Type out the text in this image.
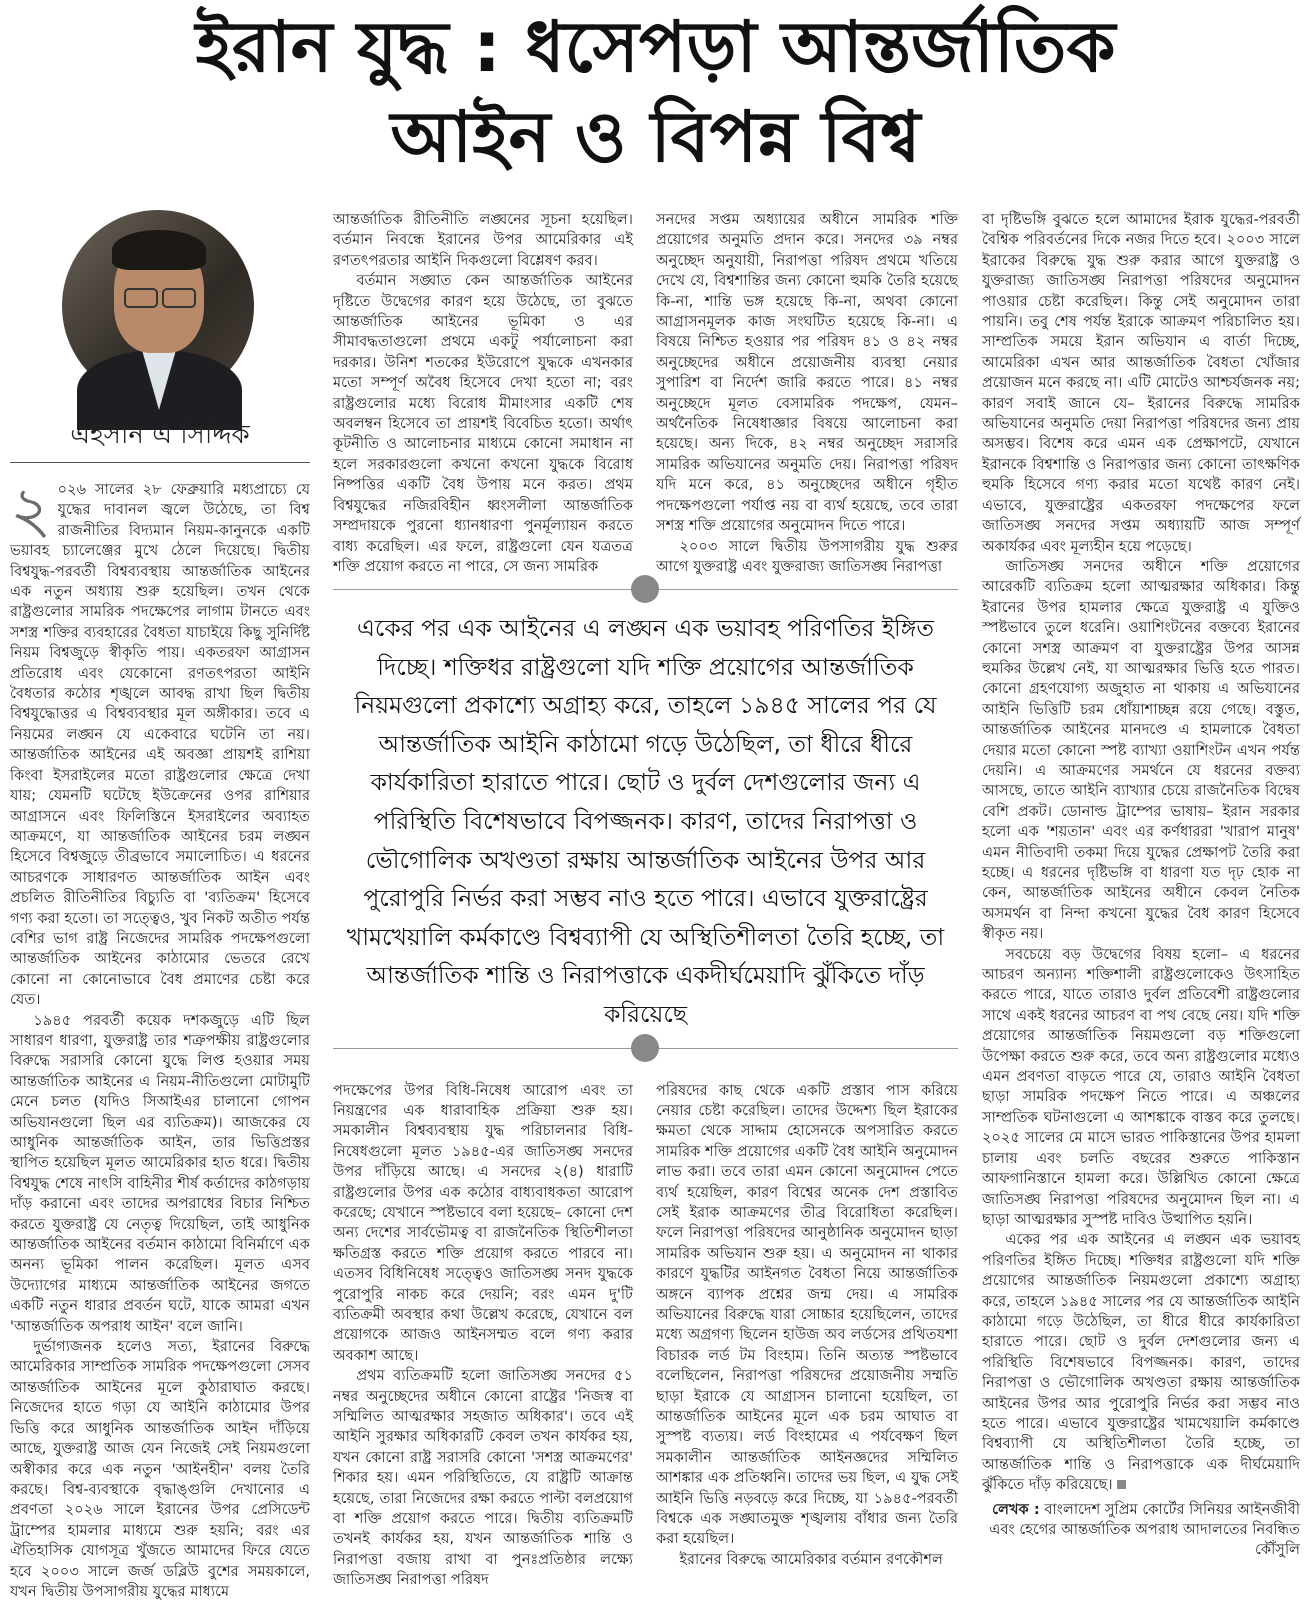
ইরান যুদ্ধ : ধসেপড়া আন্তর্জাতিক
আইন ও বিপন্ন বিশ্ব
এহসান এ সিদ্দিক
২ ০২৬ সালের ২৮ ফেব্রুয়ারি মধ্যপ্রাচ্যে যে যুদ্ধের দাবানল জ্বলে উঠেছে, তা বিশ্ব রাজনীতির বিদ্যমান নিয়ম-কানুনকে একটি ভয়াবহ চ্যালেঞ্জের মুখে ঠেলে দিয়েছে। দ্বিতীয় বিশ্বযুদ্ধ-পরবর্তী বিশ্বব্যবস্থায় আন্তর্জাতিক আইনের এক নতুন অধ্যায় শুরু হয়েছিল। তখন থেকে রাষ্ট্রগুলোর সামরিক পদক্ষেপের লাগাম টানতে এবং সশস্ত্র শক্তির ব্যবহারের বৈধতা যাচাইয়ে কিছু সুনির্দিষ্ট নিয়ম বিশ্বজুড়ে স্বীকৃতি পায়। একতরফা আগ্রাসন প্রতিরোধ এবং যেকোনো রণতৎপরতা আইনি বৈধতার কঠোর শৃঙ্খলে আবদ্ধ রাখা ছিল দ্বিতীয় বিশ্বযুদ্ধোত্তর এ বিশ্বব্যবস্থার মূল অঙ্গীকার। তবে এ নিয়মের লঙ্ঘন যে একেবারে ঘটেনি তা নয়। আন্তর্জাতিক আইনের এই অবজ্ঞা প্রায়শই রাশিয়া কিংবা ইসরাইলের মতো রাষ্ট্রগুলোর ক্ষেত্রে দেখা যায়; যেমনটি ঘটেছে ইউক্রেনের ওপর রাশিয়ার আগ্রাসনে এবং ফিলিস্তিনে ইসরাইলের অব্যাহত আক্রমণে, যা আন্তর্জাতিক আইনের চরম লঙ্ঘন হিসেবে বিশ্বজুড়ে তীব্রভাবে সমালোচিত। এ ধরনের আচরণকে সাধারণত আন্তর্জাতিক আইন এবং প্রচলিত রীতিনীতির বিচ্যুতি বা 'ব্যতিক্রম' হিসেবে গণ্য করা হতো। তা সত্ত্বেও, খুব নিকট অতীত পর্যন্ত বেশির ভাগ রাষ্ট্র নিজেদের সামরিক পদক্ষেপগুলো আন্তর্জাতিক আইনের কাঠামোর ভেতরে রেখে কোনো না কোনোভাবে বৈধ প্রমাণের চেষ্টা করে যেত।

১৯৪৫ পরবর্তী কয়েক দশকজুড়ে এটি ছিল সাধারণ ধারণা, যুক্তরাষ্ট্র তার শত্রুপক্ষীয় রাষ্ট্রগুলোর বিরুদ্ধে সরাসরি কোনো যুদ্ধে লিপ্ত হওয়ার সময় আন্তর্জাতিক আইনের এ নিয়ম-নীতিগুলো মোটামুটি মেনে চলত (যদিও সিআইএর চালানো গোপন অভিযানগুলো ছিল এর ব্যতিক্রম)। আজকের যে আধুনিক আন্তর্জাতিক আইন, তার ভিত্তিপ্রস্তর স্থাপিত হয়েছিল মূলত আমেরিকার হাত ধরে। দ্বিতীয় বিশ্বযুদ্ধ শেষে নাৎসি বাহিনীর শীর্ষ কর্তাদের কাঠগড়ায় দাঁড় করানো এবং তাদের অপরাধের বিচার নিশ্চিত করতে যুক্তরাষ্ট্র যে নেতৃত্ব দিয়েছিল, তাই আধুনিক আন্তর্জাতিক আইনের বর্তমান কাঠামো বিনির্মাণে এক অনন্য ভূমিকা পালন করেছিল। মূলত এসব উদ্যোগের মাধ্যমে আন্তর্জাতিক আইনের জগতে একটি নতুন ধারার প্রবর্তন ঘটে, যাকে আমরা এখন 'আন্তর্জাতিক অপরাধ আইন' বলে জানি।

দুর্ভাগ্যজনক হলেও সত্য, ইরানের বিরুদ্ধে আমেরিকার সাম্প্রতিক সামরিক পদক্ষেপগুলো সেসব আন্তর্জাতিক আইনের মূলে কুঠারাঘাত করছে। নিজেদের হাতে গড়া যে আইনি কাঠামোর উপর ভিত্তি করে আধুনিক আন্তর্জাতিক আইন দাঁড়িয়ে আছে, যুক্তরাষ্ট্র আজ যেন নিজেই সেই নিয়মগুলো অস্বীকার করে এক নতুন 'আইনহীন' বলয় তৈরি করছে। বিশ্ব-ব্যবস্থাকে বৃদ্ধাঙ্গুলি দেখানোর এ প্রবণতা ২০২৬ সালে ইরানের উপর প্রেসিডেন্ট ট্রাম্পের হামলার মাধ্যমে শুরু হয়নি; বরং এর ঐতিহাসিক যোগসূত্র খুঁজতে আমাদের ফিরে যেতে হবে ২০০৩ সালে জর্জ ডব্লিউ বুশের সময়কালে, যখন দ্বিতীয় উপসাগরীয় যুদ্ধের মাধ্যমে

আন্তর্জাতিক রীতিনীতি লঙ্ঘনের সূচনা হয়েছিল। বর্তমান নিবন্ধে ইরানের উপর আমেরিকার এই রণতৎপরতার আইনি দিকগুলো বিশ্লেষণ করব।

বর্তমান সঙ্ঘাত কেন আন্তর্জাতিক আইনের দৃষ্টিতে উদ্বেগের কারণ হয়ে উঠেছে, তা বুঝতে আন্তর্জাতিক আইনের ভূমিকা ও এর সীমাবদ্ধতাগুলো প্রথমে একটু পর্যালোচনা করা দরকার। উনিশ শতকের ইউরোপে যুদ্ধকে এখনকার মতো সম্পূর্ণ অবৈধ হিসেবে দেখা হতো না; বরং রাষ্ট্রগুলোর মধ্যে বিরোধ মীমাংসার একটি শেষ অবলম্বন হিসেবে তা প্রায়শই বিবেচিত হতো। অর্থাৎ কূটনীতি ও আলোচনার মাধ্যমে কোনো সমাধান না হলে সরকারগুলো কখনো কখনো যুদ্ধকে বিরোধ নিষ্পত্তির একটি বৈধ উপায় মনে করত। প্রথম বিশ্বযুদ্ধের নজিরবিহীন ধ্বংসলীলা আন্তর্জাতিক সম্প্রদায়কে পুরনো ধ্যানধারণা পুনর্মূল্যায়ন করতে বাধ্য করেছিল। এর ফলে, রাষ্ট্রগুলো যেন যত্রতত্র শক্তি প্রয়োগ করতে না পারে, সে জন্য সামরিক

সনদের সপ্তম অধ্যায়ের অধীনে সামরিক শক্তি প্রয়োগের অনুমতি প্রদান করে। সনদের ৩৯ নম্বর অনুচ্ছেদ অনুযায়ী, নিরাপত্তা পরিষদ প্রথমে খতিয়ে দেখে যে, বিশ্বশান্তির জন্য কোনো হুমকি তৈরি হয়েছে কি-না, শান্তি ভঙ্গ হয়েছে কি-না, অথবা কোনো আগ্রাসনমূলক কাজ সংঘটিত হয়েছে কি-না। এ বিষয়ে নিশ্চিত হওয়ার পর পরিষদ ৪১ ও ৪২ নম্বর অনুচ্ছেদের অধীনে প্রয়োজনীয় ব্যবস্থা নেয়ার সুপারিশ বা নির্দেশ জারি করতে পারে। ৪১ নম্বর অনুচ্ছেদে মূলত বেসামরিক পদক্ষেপ, যেমন– অর্থনৈতিক নিষেধাজ্ঞার বিষয়ে আলোচনা করা হয়েছে। অন্য দিকে, ৪২ নম্বর অনুচ্ছেদ সরাসরি সামরিক অভিযানের অনুমতি দেয়। নিরাপত্তা পরিষদ যদি মনে করে, ৪১ অনুচ্ছেদের অধীনে গৃহীত পদক্ষেপগুলো পর্যাপ্ত নয় বা ব্যর্থ হয়েছে, তবে তারা সশস্ত্র শক্তি প্রয়োগের অনুমোদন দিতে পারে।

২০০৩ সালে দ্বিতীয় উপসাগরীয় যুদ্ধ শুরুর আগে যুক্তরাষ্ট্র এবং যুক্তরাজ্য জাতিসঙ্ঘ নিরাপত্তা

একের পর এক আইনের এ লঙ্ঘন এক ভয়াবহ পরিণতির ইঙ্গিত দিচ্ছে। শক্তিধর রাষ্ট্রগুলো যদি শক্তি প্রয়োগের আন্তর্জাতিক নিয়মগুলো প্রকাশ্যে অগ্রাহ্য করে, তাহলে ১৯৪৫ সালের পর যে আন্তর্জাতিক আইনি কাঠামো গড়ে উঠেছিল, তা ধীরে ধীরে কার্যকারিতা হারাতে পারে। ছোট ও দুর্বল দেশগুলোর জন্য এ পরিস্থিতি বিশেষভাবে বিপজ্জনক। কারণ, তাদের নিরাপত্তা ও ভৌগোলিক অখণ্ডতা রক্ষায় আন্তর্জাতিক আইনের উপর আর পুরোপুরি নির্ভর করা সম্ভব নাও হতে পারে। এভাবে যুক্তরাষ্ট্রের খামখেয়ালি কর্মকাণ্ডে বিশ্বব্যাপী যে অস্থিতিশীলতা তৈরি হচ্ছে, তা আন্তর্জাতিক শান্তি ও নিরাপত্তাকে একদীর্ঘমেয়াদি ঝুঁকিতে দাঁড় করিয়েছে

পদক্ষেপের উপর বিধি-নিষেধ আরোপ এবং তা নিয়ন্ত্রণের এক ধারাবাহিক প্রক্রিয়া শুরু হয়। সমকালীন বিশ্বব্যবস্থায় যুদ্ধ পরিচালনার বিধি-নিষেধগুলো মূলত ১৯৪৫-এর জাতিসঙ্ঘ সনদের উপর দাঁড়িয়ে আছে। এ সনদের ২(৪) ধারাটি রাষ্ট্রগুলোর উপর এক কঠোর বাধ্যবাধকতা আরোপ করেছে; যেখানে স্পষ্টভাবে বলা হয়েছে– কোনো দেশ অন্য দেশের সার্বভৌমত্ব বা রাজনৈতিক স্থিতিশীলতা ক্ষতিগ্রস্ত করতে শক্তি প্রয়োগ করতে পারবে না। এতসব বিধিনিষেধ সত্ত্বেও জাতিসঙ্ঘ সনদ যুদ্ধকে পুরোপুরি নাকচ করে দেয়নি; বরং এমন দু'টি ব্যতিক্রমী অবস্থার কথা উল্লেখ করেছে, যেখানে বল প্রয়োগকে আজও আইনসম্মত বলে গণ্য করার অবকাশ আছে।

প্রথম ব্যতিক্রমটি হলো জাতিসঙ্ঘ সনদের ৫১ নম্বর অনুচ্ছেদের অধীনে কোনো রাষ্ট্রের 'নিজস্ব বা সম্মিলিত আত্মরক্ষার সহজাত অধিকার'। তবে এই আইনি সুরক্ষার অধিকারটি কেবল তখন কার্যকর হয়, যখন কোনো রাষ্ট্র সরাসরি কোনো 'সশস্ত্র আক্রমণের' শিকার হয়। এমন পরিস্থিতিতে, যে রাষ্ট্রটি আক্রান্ত হয়েছে, তারা নিজেদের রক্ষা করতে পাল্টা বলপ্রয়োগ বা শক্তি প্রয়োগ করতে পারে। দ্বিতীয় ব্যতিক্রমটি তখনই কার্যকর হয়, যখন আন্তর্জাতিক শান্তি ও নিরাপত্তা বজায় রাখা বা পুনঃপ্রতিষ্ঠার লক্ষ্যে জাতিসঙ্ঘ নিরাপত্তা পরিষদ

পরিষদের কাছ থেকে একটি প্রস্তাব পাস করিয়ে নেয়ার চেষ্টা করেছিল। তাদের উদ্দেশ্য ছিল ইরাকের ক্ষমতা থেকে সাদ্দাম হোসেনকে অপসারিত করতে সামরিক শক্তি প্রয়োগের একটি বৈধ আইনি অনুমোদন লাভ করা। তবে তারা এমন কোনো অনুমোদন পেতে ব্যর্থ হয়েছিল, কারণ বিশ্বের অনেক দেশ প্রস্তাবিত সেই ইরাক আক্রমণের তীব্র বিরোধিতা করেছিল। ফলে নিরাপত্তা পরিষদের আনুষ্ঠানিক অনুমোদন ছাড়া সামরিক অভিযান শুরু হয়। এ অনুমোদন না থাকার কারণে যুদ্ধটির আইনগত বৈধতা নিয়ে আন্তর্জাতিক অঙ্গনে ব্যাপক প্রশ্নের জন্ম দেয়। এ সামরিক অভিযানের বিরুদ্ধে যারা সোচ্চার হয়েছিলেন, তাদের মধ্যে অগ্রগণ্য ছিলেন হাউজ অব লর্ডসের প্রথিতযশা বিচারক লর্ড টম বিংহাম। তিনি অত্যন্ত স্পষ্টভাবে বলেছিলেন, নিরাপত্তা পরিষদের প্রয়োজনীয় সম্মতি ছাড়া ইরাকে যে আগ্রাসন চালানো হয়েছিল, তা আন্তর্জাতিক আইনের মূলে এক চরম আঘাত বা সুস্পষ্ট ব্যত্যয়। লর্ড বিংহামের এ পর্যবেক্ষণ ছিল সমকালীন আন্তর্জাতিক আইনজ্ঞদের সম্মিলিত আশঙ্কার এক প্রতিধ্বনি। তাদের ভয় ছিল, এ যুদ্ধ সেই আইনি ভিত্তি নড়বড়ে করে দিচ্ছে, যা ১৯৪৫-পরবর্তী বিশ্বকে এক সঙ্ঘাতমুক্ত শৃঙ্খলায় বাঁধার জন্য তৈরি করা হয়েছিল।

ইরানের বিরুদ্ধে আমেরিকার বর্তমান রণকৌশল

বা দৃষ্টিভঙ্গি বুঝতে হলে আমাদের ইরাক যুদ্ধের-পরবর্তী বৈশ্বিক পরিবর্তনের দিকে নজর দিতে হবে। ২০০৩ সালে ইরাকের বিরুদ্ধে যুদ্ধ শুরু করার আগে যুক্তরাষ্ট্র ও যুক্তরাজ্য জাতিসঙ্ঘ নিরাপত্তা পরিষদের অনুমোদন পাওয়ার চেষ্টা করেছিল। কিন্তু সেই অনুমোদন তারা পায়নি। তবু শেষ পর্যন্ত ইরাকে আক্রমণ পরিচালিত হয়। সাম্প্রতিক সময়ে ইরান অভিযান এ বার্তা দিচ্ছে, আমেরিকা এখন আর আন্তর্জাতিক বৈধতা খোঁজার প্রয়োজন মনে করছে না। এটি মোটেও আশ্চর্যজনক নয়; কারণ সবাই জানে যে– ইরানের বিরুদ্ধে সামরিক অভিযানের অনুমতি দেয়া নিরাপত্তা পরিষদের জন্য প্রায় অসম্ভব। বিশেষ করে এমন এক প্রেক্ষাপটে, যেখানে ইরানকে বিশ্বশান্তি ও নিরাপত্তার জন্য কোনো তাৎক্ষণিক হুমকি হিসেবে গণ্য করার মতো যথেষ্ট কারণ নেই। এভাবে, যুক্তরাষ্ট্রের একতরফা পদক্ষেপের ফলে জাতিসঙ্ঘ সনদের সপ্তম অধ্যায়টি আজ সম্পূর্ণ অকার্যকর এবং মূল্যহীন হয়ে পড়েছে।

জাতিসঙ্ঘ সনদের অধীনে শক্তি প্রয়োগের আরেকটি ব্যতিক্রম হলো আত্মরক্ষার অধিকার। কিন্তু ইরানের উপর হামলার ক্ষেত্রে যুক্তরাষ্ট্র এ যুক্তিও স্পষ্টভাবে তুলে ধরেনি। ওয়াশিংটনের বক্তব্যে ইরানের কোনো সশস্ত্র আক্রমণ বা যুক্তরাষ্ট্রের উপর আসন্ন হুমকির উল্লেখ নেই, যা আত্মরক্ষার ভিত্তি হতে পারত। কোনো গ্রহণযোগ্য অজুহাত না থাকায় এ অভিযানের আইনি ভিত্তিটি চরম ধোঁয়াশাচ্ছন্ন রয়ে গেছে। বস্তুত, আন্তর্জাতিক আইনের মানদণ্ডে এ হামলাকে বৈধতা দেয়ার মতো কোনো স্পষ্ট ব্যাখ্যা ওয়াশিংটন এখন পর্যন্ত দেয়নি। এ আক্রমণের সমর্থনে যে ধরনের বক্তব্য আসছে, তাতে আইনি ব্যাখ্যার চেয়ে রাজনৈতিক বিদ্বেষ বেশি প্রকট। ডোনাল্ড ট্রাম্পের ভাষায়– ইরান সরকার হলো এক 'শয়তান' এবং এর কর্ণধাররা 'খারাপ মানুষ' এমন নীতিবাদী তকমা দিয়ে যুদ্ধের প্রেক্ষাপট তৈরি করা হচ্ছে। এ ধরনের দৃষ্টিভঙ্গি বা ধারণা যত দৃঢ় হোক না কেন, আন্তর্জাতিক আইনের অধীনে কেবল নৈতিক অসমর্থন বা নিন্দা কখনো যুদ্ধের বৈধ কারণ হিসেবে স্বীকৃত নয়।

সবচেয়ে বড় উদ্বেগের বিষয় হলো– এ ধরনের আচরণ অন্যান্য শক্তিশালী রাষ্ট্রগুলোকেও উৎসাহিত করতে পারে, যাতে তারাও দুর্বল প্রতিবেশী রাষ্ট্রগুলোর সাথে একই ধরনের আচরণ বা পথ বেছে নেয়। যদি শক্তি প্রয়োগের আন্তর্জাতিক নিয়মগুলো বড় শক্তিগুলো উপেক্ষা করতে শুরু করে, তবে অন্য রাষ্ট্রগুলোর মধ্যেও এমন প্রবণতা বাড়তে পারে যে, তারাও আইনি বৈধতা ছাড়া সামরিক পদক্ষেপ নিতে পারে। এ অঞ্চলের সাম্প্রতিক ঘটনাগুলো এ আশঙ্কাকে বাস্তব করে তুলছে। ২০২৫ সালের মে মাসে ভারত পাকিস্তানের উপর হামলা চালায় এবং চলতি বছরের শুরুতে পাকিস্তান আফগানিস্তানে হামলা করে। উল্লিখিত কোনো ক্ষেত্রে জাতিসঙ্ঘ নিরাপত্তা পরিষদের অনুমোদন ছিল না। এ ছাড়া আত্মরক্ষার সুস্পষ্ট দাবিও উত্থাপিত হয়নি।

একের পর এক আইনের এ লঙ্ঘন এক ভয়াবহ পরিণতির ইঙ্গিত দিচ্ছে। শক্তিধর রাষ্ট্রগুলো যদি শক্তি প্রয়োগের আন্তর্জাতিক নিয়মগুলো প্রকাশ্যে অগ্রাহ্য করে, তাহলে ১৯৪৫ সালের পর যে আন্তর্জাতিক আইনি কাঠামো গড়ে উঠেছিল, তা ধীরে ধীরে কার্যকারিতা হারাতে পারে। ছোট ও দুর্বল দেশগুলোর জন্য এ পরিস্থিতি বিশেষভাবে বিপজ্জনক। কারণ, তাদের নিরাপত্তা ও ভৌগোলিক অখণ্ডতা রক্ষায় আন্তর্জাতিক আইনের উপর আর পুরোপুরি নির্ভর করা সম্ভব নাও হতে পারে। এভাবে যুক্তরাষ্ট্রের খামখেয়ালি কর্মকাণ্ডে বিশ্বব্যাপী যে অস্থিতিশীলতা তৈরি হচ্ছে, তা আন্তর্জাতিক শান্তি ও নিরাপত্তাকে এক দীর্ঘমেয়াদি ঝুঁকিতে দাঁড় করিয়েছে।

লেখক : বাংলাদেশ সুপ্রিম কোর্টের সিনিয়র আইনজীবী এবং হেগের আন্তর্জাতিক অপরাধ আদালতের নিবন্ধিত কৌঁসুলি
